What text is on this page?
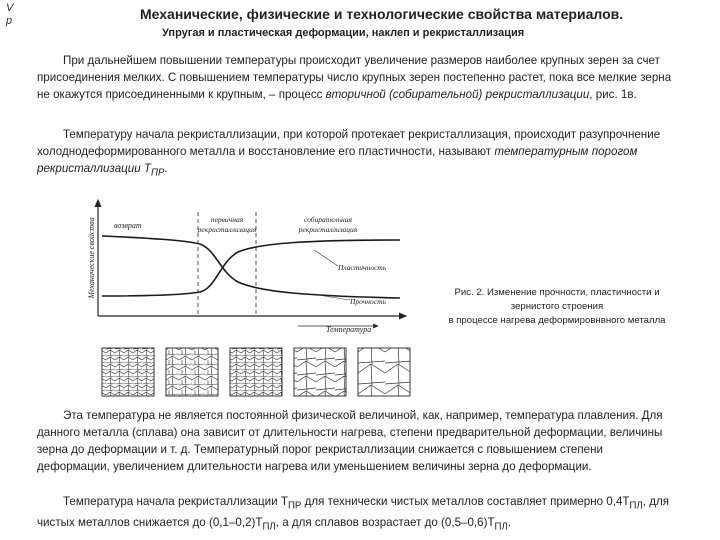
V
p	Механические, физические и технологические свойства материалов.
Упругая и пластическая деформации, наклеп и рекристаллизация
При дальнейшем повышении температуры происходит увеличение размеров наиболее крупных зерен за счет присоединения мелких. С повышением температуры число крупных зерен постепенно растет, пока все мелкие зерна не окажутся присоединенными к крупным, – процесс вторичной (собирательной) рекристаллизации, рис. 1в.
Температуру начала рекристаллизации, при которой протекает рекристаллизация, происходит разупрочнение холоднодеформированного металла и восстановление его пластичности, называют температурным порогом рекристаллизации $Т_{ПР}$.
Механические свойства
Температура
возврат
первичная
рекристаллизация
собирательная
рекристаллизация
Пластичность
Прочность
Рис. 2. Изменение прочности, пластичности и
зернистого строения
в процессе нагрева деформировнвного металла
Эта температура не является постоянной физической величиной, как, например, температура плавления. Для данного металла (сплава) она зависит от длительности нагрева, степени предварительной деформации, величины зерна до деформации и т. д. Температурный порог рекристаллизации снижается с повышением степени деформации, увеличением длительности нагрева или уменьшением величины зерна до деформации.
Температура начала рекристаллизации $Т_{ПР}$ для технически чистых металлов составляет примерно $0,4Т_{ПЛ}$, для чистых металлов снижается до $(0,1-0,2)Т_{ПЛ}$, а для сплавов возрастает до $(0,5-0,6)Т_{ПЛ}$.
